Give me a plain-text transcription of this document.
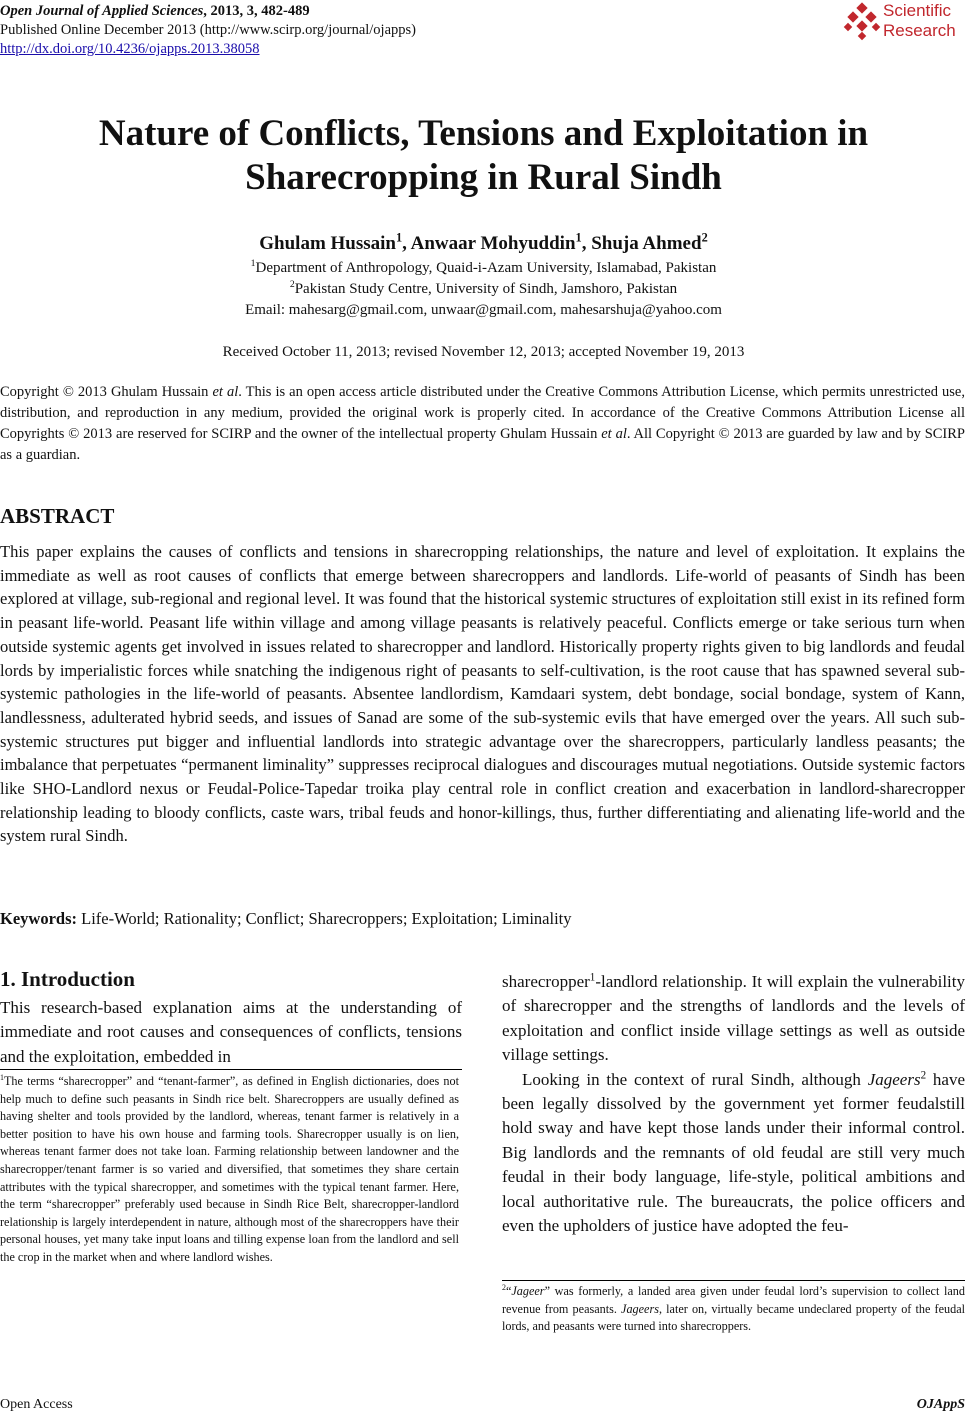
Open Journal of Applied Sciences, 2013, 3, 482-489
Published Online December 2013 (http://www.scirp.org/journal/ojapps)
http://dx.doi.org/10.4236/ojapps.2013.38058
Scientific
Research
Nature of Conflicts, Tensions and Exploitation in
Sharecropping in Rural Sindh
Ghulam Hussain$^1$, Anwaar Mohyuddin$^1$, Shuja Ahmed$^2$
$^1$Department of Anthropology, Quaid-i-Azam University, Islamabad, Pakistan
$^2$Pakistan Study Centre, University of Sindh, Jamshoro, Pakistan
Email: mahesarg@gmail.com, unwaar@gmail.com, mahesarshuja@yahoo.com
Received October 11, 2013; revised November 12, 2013; accepted November 19, 2013
Copyright © 2013 Ghulam Hussain et al. This is an open access article distributed under the Creative Commons Attribution License, which permits unrestricted use, distribution, and reproduction in any medium, provided the original work is properly cited. In accordance of the Creative Commons Attribution License all Copyrights © 2013 are reserved for SCIRP and the owner of the intellectual property Ghulam Hussain et al. All Copyright © 2013 are guarded by law and by SCIRP as a guardian.
ABSTRACT
This paper explains the causes of conflicts and tensions in sharecropping relationships, the nature and level of exploitation. It explains the immediate as well as root causes of conflicts that emerge between sharecroppers and landlords. Life-world of peasants of Sindh has been explored at village, sub-regional and regional level. It was found that the historical systemic structures of exploitation still exist in its refined form in peasant life-world. Peasant life within village and among village peasants is relatively peaceful. Conflicts emerge or take serious turn when outside systemic agents get involved in issues related to sharecropper and landlord. Historically property rights given to big landlords and feudal lords by imperialistic forces while snatching the indigenous right of peasants to self-cultivation, is the root cause that has spawned several sub-systemic pathologies in the life-world of peasants. Absentee landlordism, Kamdaari system, debt bondage, social bondage, system of Kann, landlessness, adulterated hybrid seeds, and issues of Sanad are some of the sub-systemic evils that have emerged over the years. All such sub-systemic structures put bigger and influential landlords into strategic advantage over the sharecroppers, particularly landless peasants; the imbalance that perpetuates “permanent liminality” suppresses reciprocal dialogues and discourages mutual negotiations. Outside systemic factors like SHO-Landlord nexus or Feudal-Police-Tapedar troika play central role in conflict creation and exacerbation in landlord-sharecropper relationship leading to bloody conflicts, caste wars, tribal feuds and honor-killings, thus, further differentiating and alienating life-world and the system rural Sindh.
Keywords: Life-World; Rationality; Conflict; Sharecroppers; Exploitation; Liminality
1. Introduction
This research-based explanation aims at the understanding of immediate and root causes and consequences of conflicts, tensions and the exploitation, embedded in
$^1$The terms “sharecropper” and “tenant-farmer”, as defined in English dictionaries, does not help much to define such peasants in Sindh rice belt. Sharecroppers are usually defined as having shelter and tools provided by the landlord, whereas, tenant farmer is relatively in a better position to have his own house and farming tools. Sharecropper usually is on lien, whereas tenant farmer does not take loan. Farming relationship between landowner and the sharecropper/tenant farmer is so varied and diversified, that sometimes they share certain attributes with the typical sharecropper, and sometimes with the typical tenant farmer. Here, the term “sharecropper” preferably used because in Sindh Rice Belt, sharecropper-landlord relationship is largely interdependent in nature, although most of the sharecroppers have their personal houses, yet many take input loans and tilling expense loan from the landlord and sell the crop in the market when and where landlord wishes.
sharecropper$^1$-landlord relationship. It will explain the vulnerability of sharecropper and the strengths of landlords and the levels of exploitation and conflict inside village settings as well as outside village settings.
Looking in the context of rural Sindh, although Jageers$^2$ have been legally dissolved by the government yet former feudalstill hold sway and have kept those lands under their informal control. Big landlords and the remnants of old feudal are still very much feudal in their body language, life-style, political ambitions and local authoritative rule. The bureaucrats, the police officers and even the upholders of justice have adopted the feu-
$^2$“Jageer” was formerly, a landed area given under feudal lord’s supervision to collect land revenue from peasants. Jageers, later on, virtually became undeclared property of the feudal lords, and peasants were turned into sharecroppers.
Open Access	OJAppS
